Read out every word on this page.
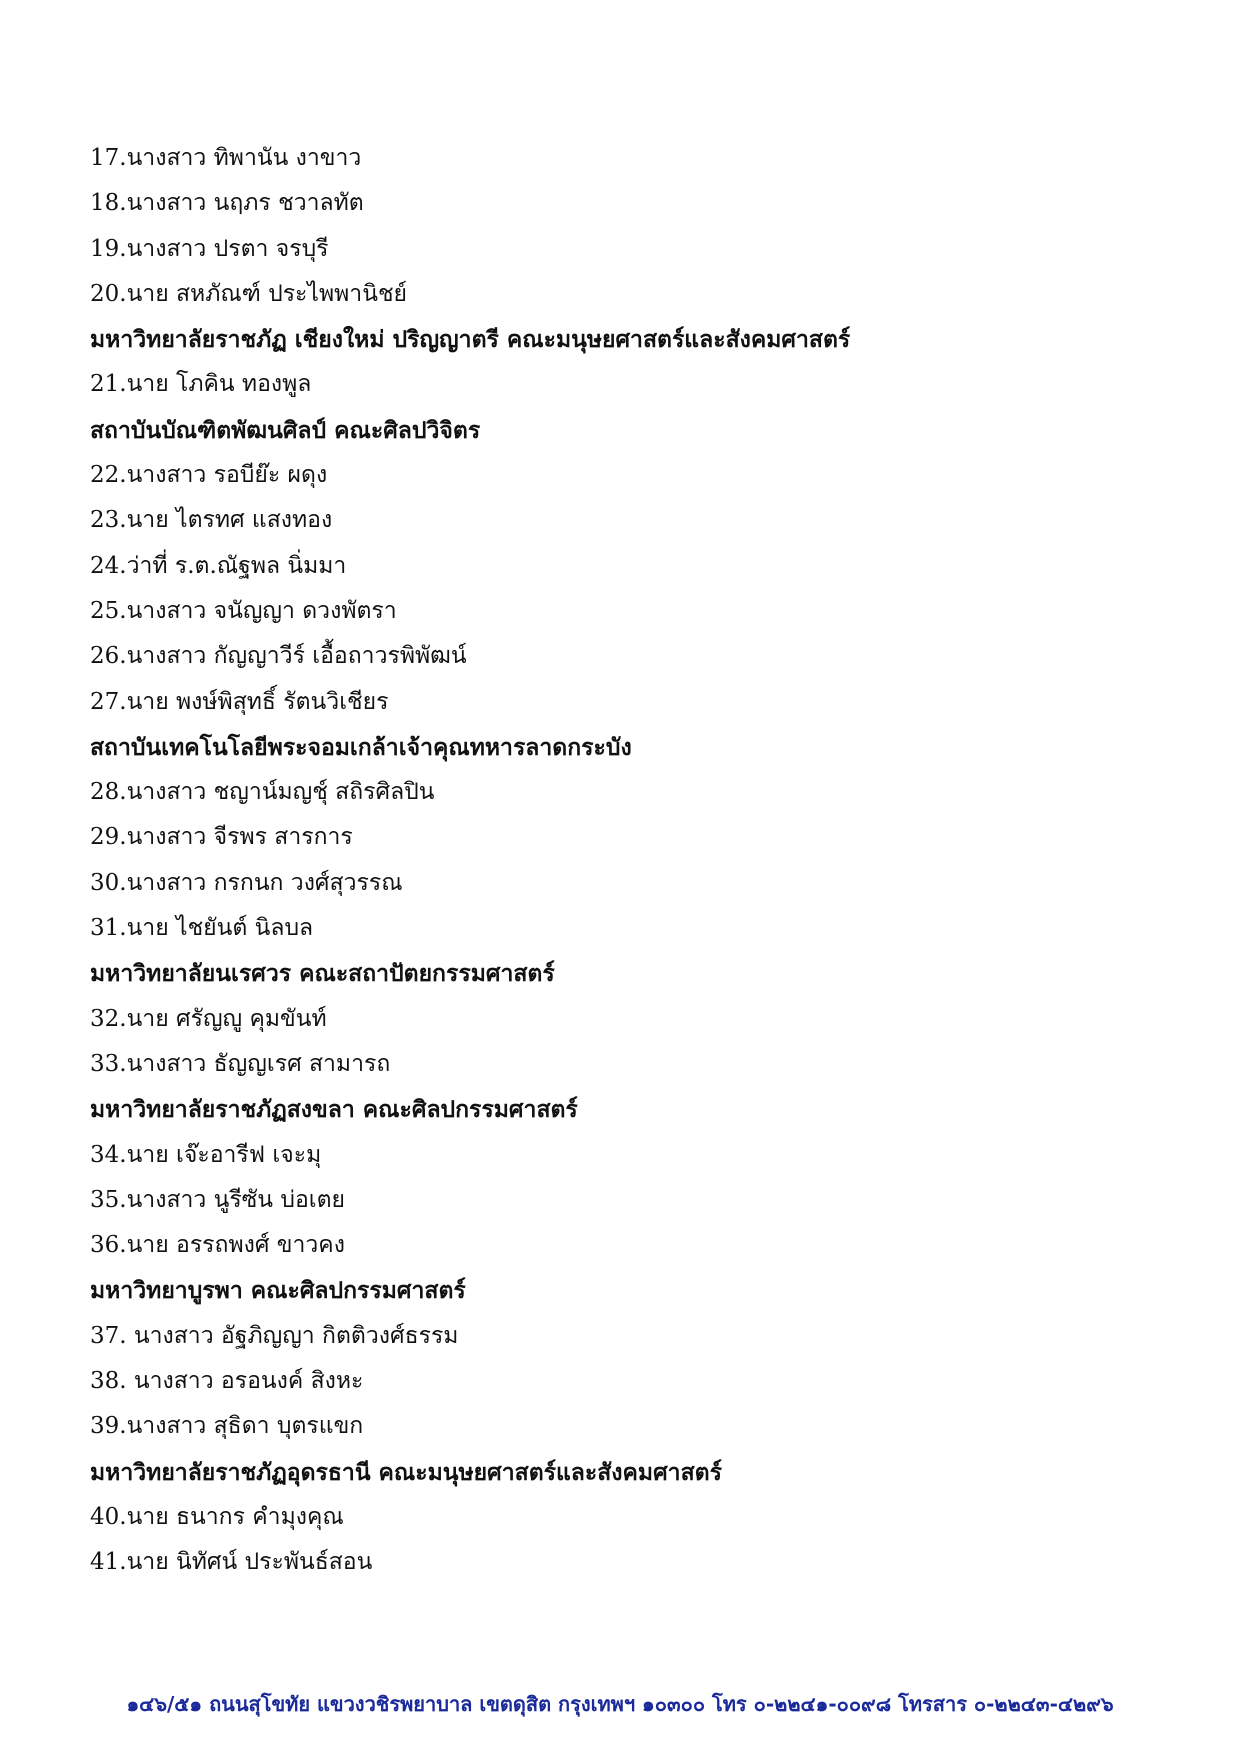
17.นางสาว ทิพานัน งาขาว
18.นางสาว นฤภร ชวาลทัต
19.นางสาว ปรตา จรบุรี
20.นาย สหภัณฑ์ ประไพพานิชย์
มหาวิทยาลัยราชภัฏ เชียงใหม่ ปริญญาตรี คณะมนุษยศาสตร์และสังคมศาสตร์
21.นาย โภคิน ทองพูล
สถาบันบัณฑิตพัฒนศิลป์ คณะศิลปวิจิตร
22.นางสาว รอบีย๊ะ ผดุง
23.นาย ไตรทศ แสงทอง
24.ว่าที่ ร.ต.ณัฐพล นิ่มมา
25.นางสาว จนัญญา ดวงพัตรา
26.นางสาว กัญญาวีร์ เอื้อถาวรพิพัฒน์
27.นาย พงษ์พิสุทธิ์ รัตนวิเชียร
สถาบันเทคโนโลยีพระจอมเกล้าเจ้าคุณทหารลาดกระบัง
28.นางสาว ชญาน์มญชุ์ สถิรศิลปิน
29.นางสาว จีรพร สารการ
30.นางสาว กรกนก วงศ์สุวรรณ
31.นาย ไชยันต์ นิลบล
มหาวิทยาลัยนเรศวร คณะสถาปัตยกรรมศาสตร์
32.นาย ศรัญญู คุมขันท์
33.นางสาว ธัญญเรศ สามารถ
มหาวิทยาลัยราชภัฏสงขลา คณะศิลปกรรมศาสตร์
34.นาย เจ๊ะอารีฟ เจะมุ
35.นางสาว นูรีซัน บ่อเตย
36.นาย อรรถพงศ์ ขาวคง
มหาวิทยาบูรพา คณะศิลปกรรมศาสตร์
37. นางสาว อัฐภิญญา กิตติวงศ์ธรรม
38. นางสาว อรอนงค์ สิงหะ
39.นางสาว สุธิดา บุตรแขก
มหาวิทยาลัยราชภัฏอุดรธานี คณะมนุษยศาสตร์และสังคมศาสตร์
40.นาย ธนากร คำมุงคุณ
41.นาย นิทัศน์ ประพันธ์สอน
๑๔๖/๕๑ ถนนสุโขทัย แขวงวชิรพยาบาล เขตดุสิต กรุงเทพฯ ๑๐๓๐๐ โทร ๐-๒๒๔๑-๐๐๙๘ โทรสาร ๐-๒๒๔๓-๔๒๙๖
